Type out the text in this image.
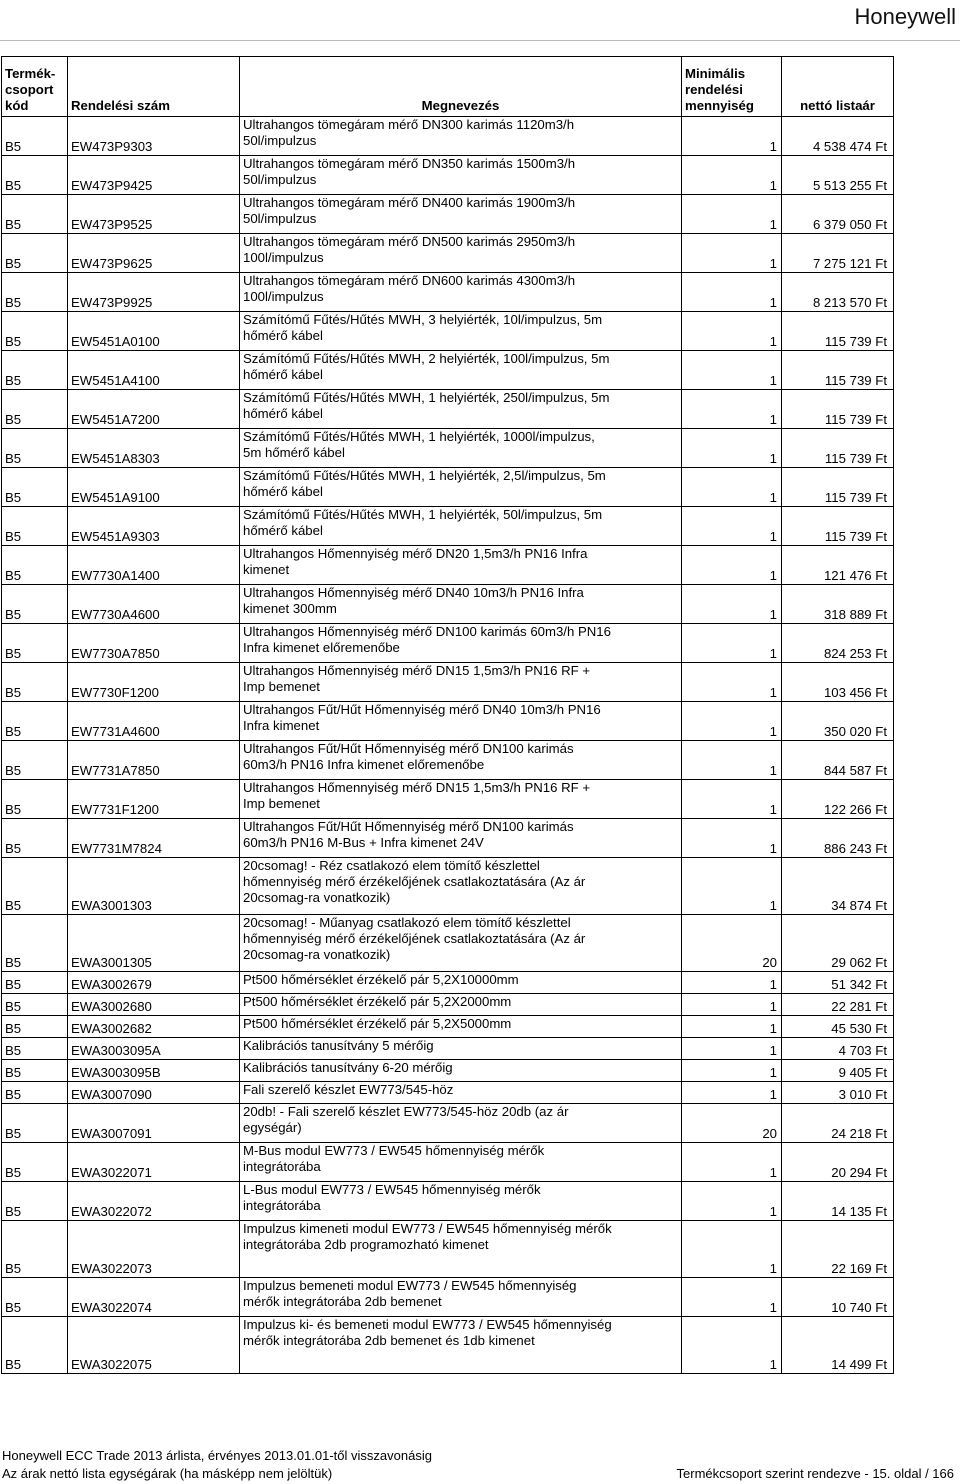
Honeywell
Termék-
csoport
kód	Rendelési szám	Megnevezés	Minimális
rendelési
mennyiség	nettó listaár
B5	EW473P9303	Ultrahangos tömegáram mérő DN300 karimás 1120m3/h
50l/impulzus	1	4 538 474 Ft
B5	EW473P9425	Ultrahangos tömegáram mérő DN350 karimás 1500m3/h
50l/impulzus	1	5 513 255 Ft
B5	EW473P9525	Ultrahangos tömegáram mérő DN400 karimás 1900m3/h
50l/impulzus	1	6 379 050 Ft
B5	EW473P9625	Ultrahangos tömegáram mérő DN500 karimás 2950m3/h
100l/impulzus	1	7 275 121 Ft
B5	EW473P9925	Ultrahangos tömegáram mérő DN600 karimás 4300m3/h
100l/impulzus	1	8 213 570 Ft
B5	EW5451A0100	Számítómű Fűtés/Hűtés MWH, 3 helyiérték, 10l/impulzus, 5m
hőmérő kábel	1	115 739 Ft
B5	EW5451A4100	Számítómű Fűtés/Hűtés MWH, 2 helyiérték, 100l/impulzus, 5m
hőmérő kábel	1	115 739 Ft
B5	EW5451A7200	Számítómű Fűtés/Hűtés MWH, 1 helyiérték, 250l/impulzus, 5m
hőmérő kábel	1	115 739 Ft
B5	EW5451A8303	Számítómű Fűtés/Hűtés MWH, 1 helyiérték, 1000l/impulzus,
5m hőmérő kábel	1	115 739 Ft
B5	EW5451A9100	Számítómű Fűtés/Hűtés MWH, 1 helyiérték, 2,5l/impulzus, 5m
hőmérő kábel	1	115 739 Ft
B5	EW5451A9303	Számítómű Fűtés/Hűtés MWH, 1 helyiérték, 50l/impulzus, 5m
hőmérő kábel	1	115 739 Ft
B5	EW7730A1400	Ultrahangos Hőmennyiség mérő DN20 1,5m3/h PN16 Infra
kimenet	1	121 476 Ft
B5	EW7730A4600	Ultrahangos Hőmennyiség mérő DN40 10m3/h PN16 Infra
kimenet 300mm	1	318 889 Ft
B5	EW7730A7850	Ultrahangos Hőmennyiség mérő DN100 karimás 60m3/h PN16
Infra kimenet előremenőbe	1	824 253 Ft
B5	EW7730F1200	Ultrahangos Hőmennyiség mérő DN15 1,5m3/h PN16 RF +
Imp bemenet	1	103 456 Ft
B5	EW7731A4600	Ultrahangos Fűt/Hűt Hőmennyiség mérő DN40 10m3/h PN16
Infra kimenet	1	350 020 Ft
B5	EW7731A7850	Ultrahangos Fűt/Hűt Hőmennyiség mérő DN100 karimás
60m3/h PN16 Infra kimenet előremenőbe	1	844 587 Ft
B5	EW7731F1200	Ultrahangos Hőmennyiség mérő DN15 1,5m3/h PN16 RF +
Imp bemenet	1	122 266 Ft
B5	EW7731M7824	Ultrahangos Fűt/Hűt Hőmennyiség mérő DN100 karimás
60m3/h PN16 M-Bus + Infra kimenet 24V	1	886 243 Ft
B5	EWA3001303	20csomag! - Réz csatlakozó elem tömítő készlettel
hőmennyiség mérő érzékelőjének csatlakoztatására (Az ár
20csomag-ra vonatkozik)	1	34 874 Ft
B5	EWA3001305	20csomag! - Műanyag csatlakozó elem tömítő készlettel
hőmennyiség mérő érzékelőjének csatlakoztatására (Az ár
20csomag-ra vonatkozik)	20	29 062 Ft
B5	EWA3002679	Pt500 hőmérséklet érzékelő pár 5,2X10000mm	1	51 342 Ft
B5	EWA3002680	Pt500 hőmérséklet érzékelő pár 5,2X2000mm	1	22 281 Ft
B5	EWA3002682	Pt500 hőmérséklet érzékelő pár 5,2X5000mm	1	45 530 Ft
B5	EWA3003095A	Kalibrációs tanusítvány 5 mérőig	1	4 703 Ft
B5	EWA3003095B	Kalibrációs tanusítvány 6-20 mérőig	1	9 405 Ft
B5	EWA3007090	Fali szerelő készlet EW773/545-höz	1	3 010 Ft
B5	EWA3007091	20db! - Fali szerelő készlet EW773/545-höz 20db (az ár
egységár)	20	24 218 Ft
B5	EWA3022071	M-Bus modul EW773 / EW545 hőmennyiség mérők
integrátorába	1	20 294 Ft
B5	EWA3022072	L-Bus modul EW773 / EW545 hőmennyiség mérők
integrátorába	1	14 135 Ft
B5	EWA3022073	Impulzus kimeneti modul EW773 / EW545 hőmennyiség mérők
integrátorába 2db programozható kimenet	1	22 169 Ft
B5	EWA3022074	Impulzus bemeneti modul EW773 / EW545 hőmennyiség
mérők integrátorába 2db bemenet	1	10 740 Ft
B5	EWA3022075	Impulzus ki- és bemeneti modul EW773 / EW545 hőmennyiség
mérők integrátorába 2db bemenet és 1db kimenet	1	14 499 Ft
Honeywell ECC Trade 2013 árlista, érvényes 2013.01.01-től visszavonásig
Az árak nettó lista egységárak (ha másképp nem jelöltük)	Termékcsoport szerint rendezve - 15. oldal / 166
